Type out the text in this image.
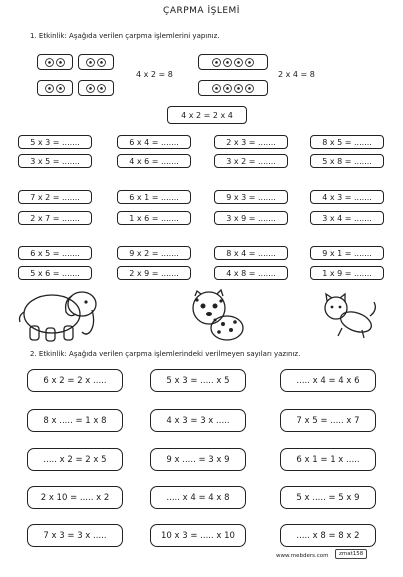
ÇARPMA İŞLEMİ
1. Etkinlik: Aşağıda verilen çarpma işlemlerini yapınız.
4 x 2 = 8	2 x 4 = 8
4 x 2 = 2 x 4
5 x 3 = .......	6 x 4 = .......	2 x 3 = .......	8 x 5 = .......
3 x 5 = .......	4 x 6 = .......	3 x 2 = .......	5 x 8 = .......
7 x 2 = .......	6 x 1 = .......	9 x 3 = .......	4 x 3 = .......
2 x 7 = .......	1 x 6 = .......	3 x 9 = .......	3 x 4 = .......
6 x 5 = .......	9 x 2 = .......	8 x 4 = .......	9 x 1 = .......
5 x 6 = .......	2 x 9 = .......	4 x 8 = .......	1 x 9 = .......
2. Etkinlik: Aşağıda verilen çarpma işlemlerindeki verilmeyen sayıları yazınız.
6 x 2 = 2 x .....	5 x 3 = ..... x 5	..... x 4 = 4 x 6
8 x ..... = 1 x 8	4 x 3 = 3 x .....	7 x 5 = ..... x 7
..... x 2 = 2 x 5	9 x ..... = 3 x 9	6 x 1 = 1 x .....
2 x 10 = ..... x 2	..... x 4 = 4 x 8	5 x ..... = 5 x 9
7 x 3 = 3 x .....	10 x 3 = ..... x 10	..... x 8 = 8 x 2
www.mebders.com	zmat158
